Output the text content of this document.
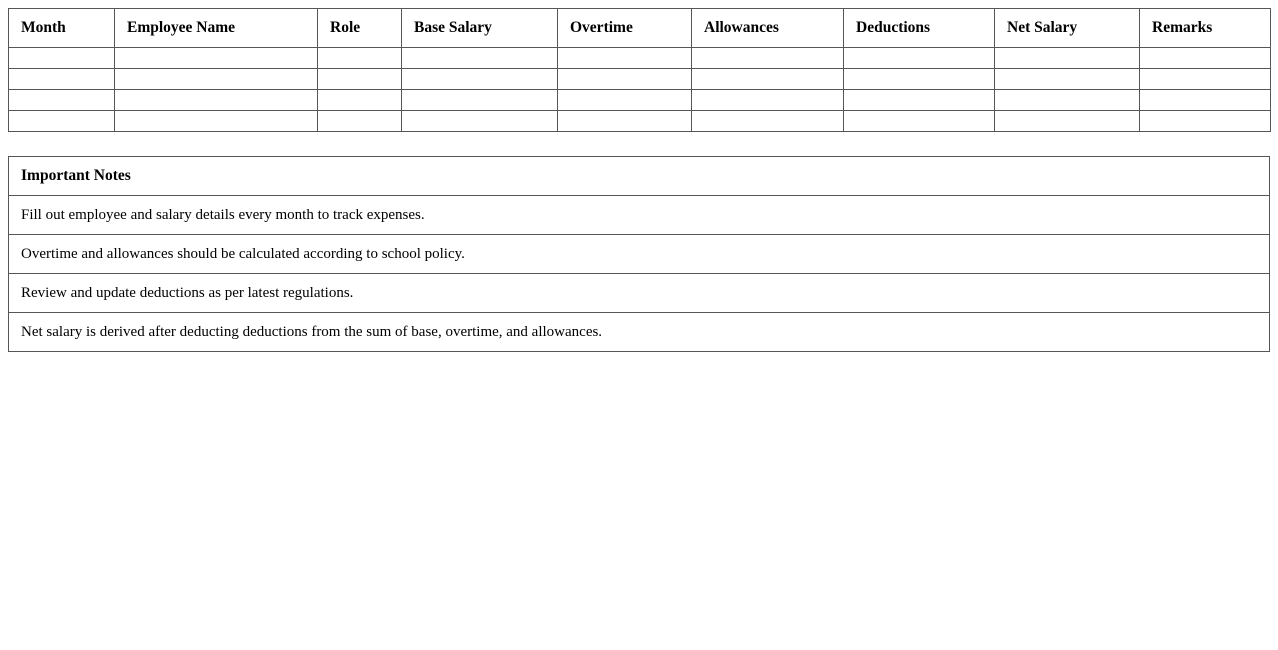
Month	Employee Name	Role	Base Salary	Overtime	Allowances	Deductions	Net Salary	Remarks

Important Notes
Fill out employee and salary details every month to track expenses.
Overtime and allowances should be calculated according to school policy.
Review and update deductions as per latest regulations.
Net salary is derived after deducting deductions from the sum of base, overtime, and allowances.
